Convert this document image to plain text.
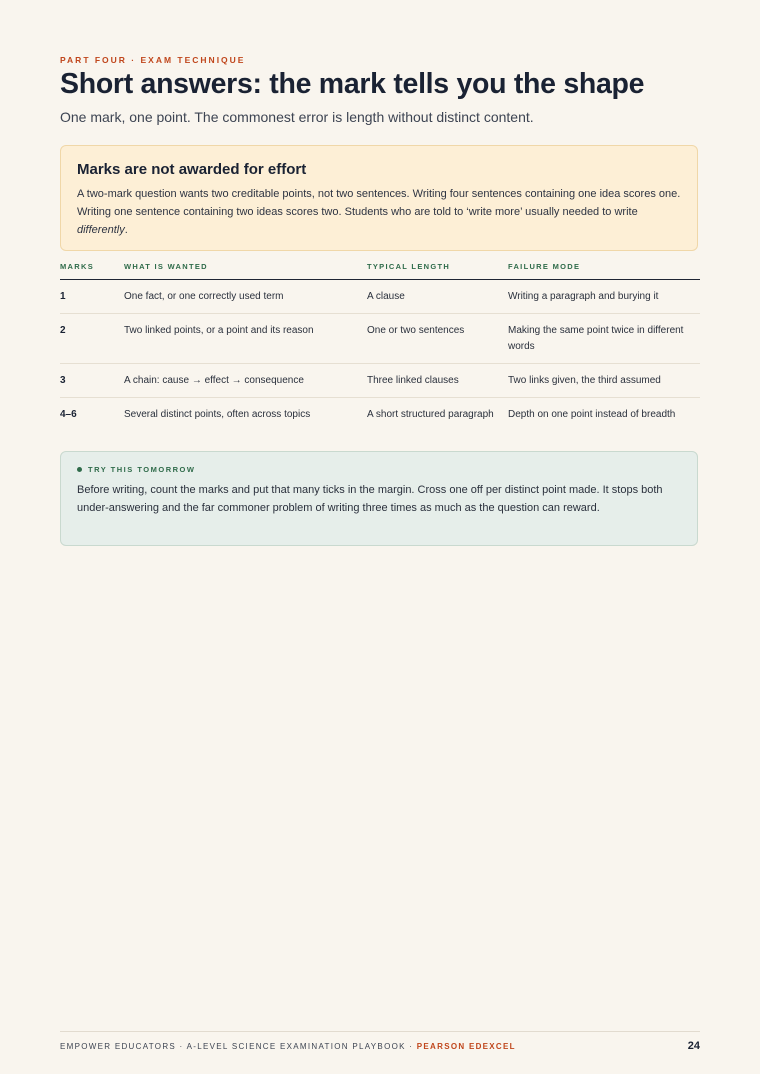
PART FOUR · EXAM TECHNIQUE
Short answers: the mark tells you the shape

One mark, one point. The commonest error is length without distinct content.

Marks are not awarded for effort

A two-mark question wants two creditable points, not two sentences. Writing four sentences containing one idea scores one. Writing one sentence containing two ideas scores two. Students who are told to ‘write more’ usually needed to write differently.

MARKS	WHAT IS WANTED	TYPICAL LENGTH	FAILURE MODE
1	One fact, or one correctly used term	A clause	Writing a paragraph and burying it
2	Two linked points, or a point and its reason	One or two sentences	Making the same point twice in different words
3	A chain: cause → effect → consequence	Three linked clauses	Two links given, the third assumed
4–6	Several distinct points, often across topics	A short structured paragraph	Depth on one point instead of breadth
TRY THIS TOMORROW

Before writing, count the marks and put that many ticks in the margin. Cross one off per distinct point made. It stops both under-answering and the far commoner problem of writing three times as much as the question can reward.

EMPOWER EDUCATORS · A-LEVEL SCIENCE EXAMINATION PLAYBOOK · PEARSON EDEXCEL	24
